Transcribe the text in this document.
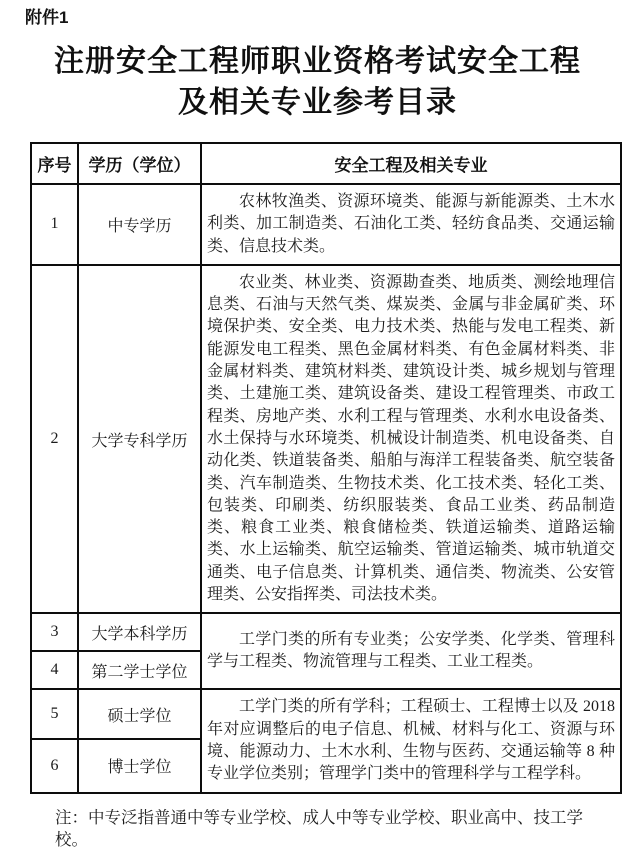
附件1
注册安全工程师职业资格考试安全工程
及相关专业参考目录
序号	学历（学位）	安全工程及相关专业
1	中专学历	农林牧渔类、资源环境类、能源与新能源类、土木水利类、加工制造类、石油化工类、轻纺食品类、交通运输类、信息技术类。

2	大学专科学历	农业类、林业类、资源勘查类、地质类、测绘地理信息类、石油与天然气类、煤炭类、金属与非金属矿类、环境保护类、安全类、电力技术类、热能与发电工程类、新能源发电工程类、黑色金属材料类、有色金属材料类、非金属材料类、建筑材料类、建筑设计类、城乡规划与管理类、土建施工类、建筑设备类、建设工程管理类、市政工程类、房地产类、水利工程与管理类、水利水电设备类、水土保持与水环境类、机械设计制造类、机电设备类、自动化类、铁道装备类、船舶与海洋工程装备类、航空装备类、汽车制造类、生物技术类、化工技术类、轻化工类、包装类、印刷类、纺织服装类、食品工业类、药品制造类、粮食工业类、粮食储检类、铁道运输类、道路运输类、水上运输类、航空运输类、管道运输类、城市轨道交通类、电子信息类、计算机类、通信类、物流类、公安管理类、公安指挥类、司法技术类。

3	大学本科学历	工学门类的所有专业类；公安学类、化学类、管理科学与工程类、物流管理与工程类、工业工程类。

4	第二学士学位	
5	硕士学位	工学门类的所有学科；工程硕士、工程博士以及 2018 年对应调整后的电子信息、机械、材料与化工、资源与环境、能源动力、土木水利、生物与医药、交通运输等 8 种专业学位类别；管理学门类中的管理科学与工程学科。

6	博士学位	
注：中专泛指普通中等专业学校、成人中等专业学校、职业高中、技工学校。
